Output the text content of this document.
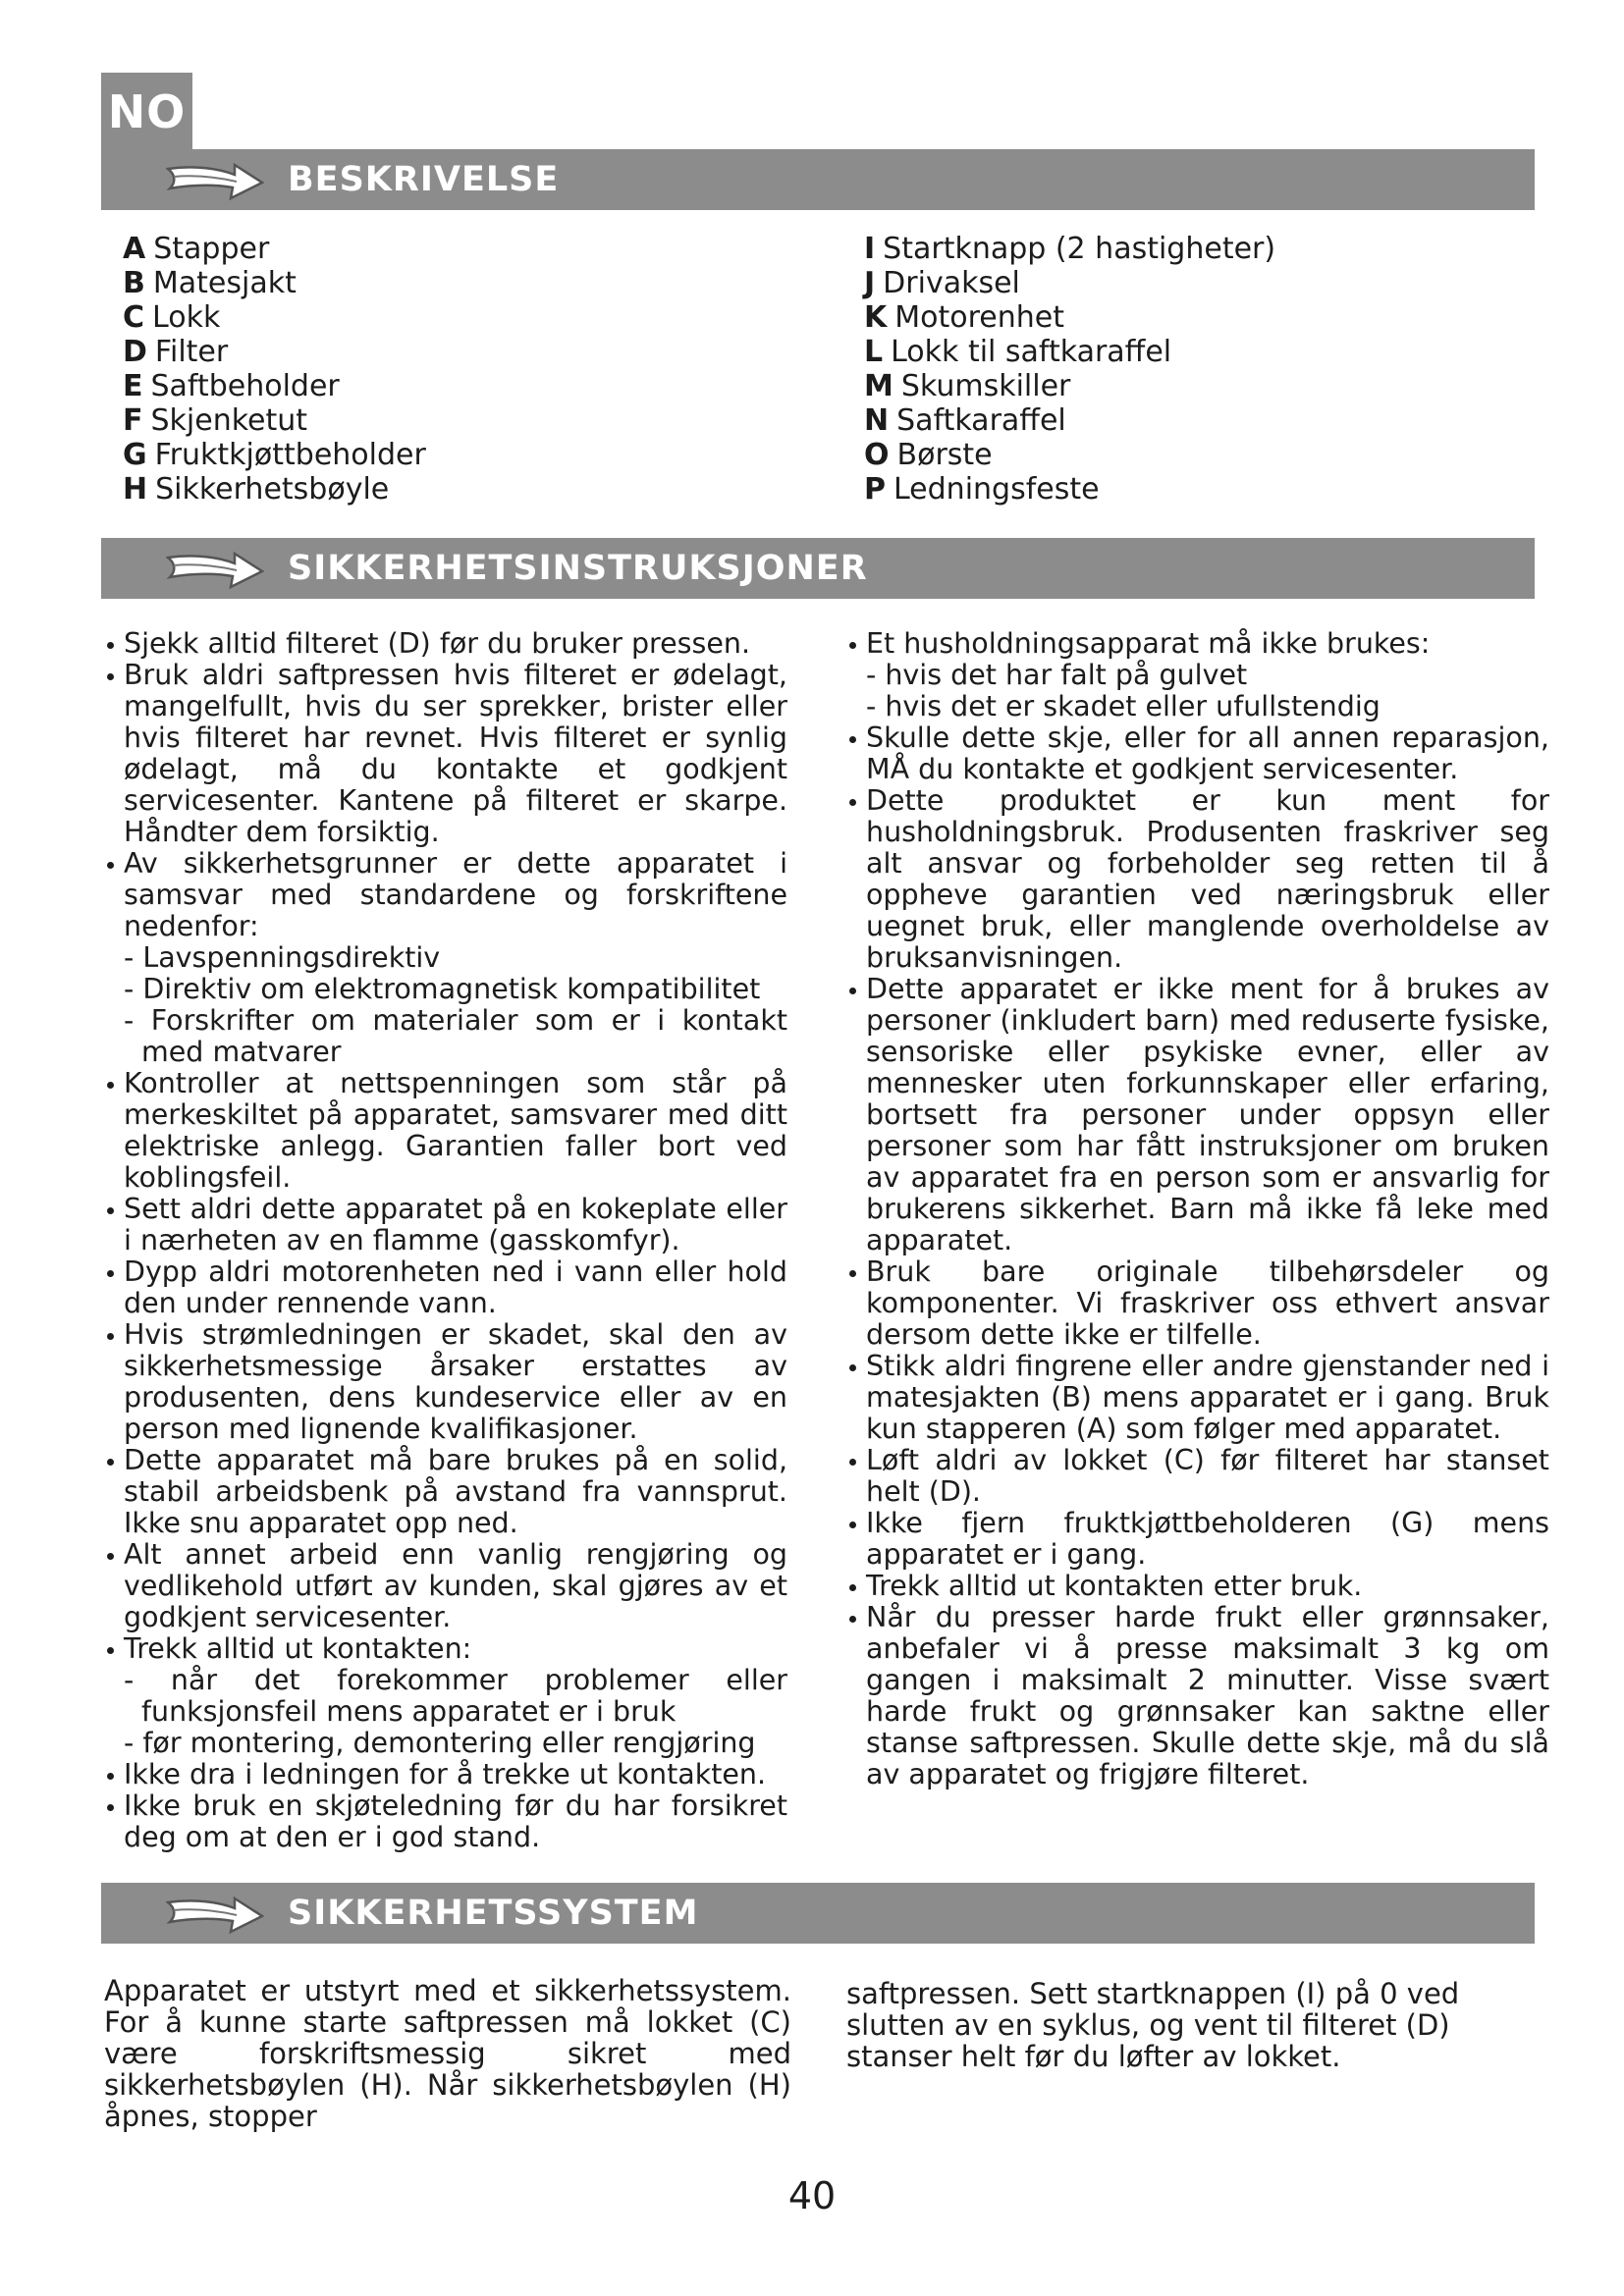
NO
BESKRIVELSE
A Stapper
B Matesjakt
C Lokk
D Filter
E Saftbeholder
F Skjenketut
G Fruktkjøttbeholder
H Sikkerhetsbøyle
I Startknapp (2 hastigheter)
J Drivaksel
K Motorenhet
L Lokk til saftkaraffel
M Skumskiller
N Saftkaraffel
O Børste
P Ledningsfeste
SIKKERHETSINSTRUKSJONER
Sjekk alltid filteret (D) før du bruker pressen.
Bruk aldri saftpressen hvis filteret er ødelagt, mangelfullt, hvis du ser sprekker, brister eller hvis filteret har revnet. Hvis filteret er synlig ødelagt, må du kontakte et godkjent servicesenter. Kantene på filteret er skarpe. Håndter dem forsiktig.
Av sikkerhetsgrunner er dette apparatet i samsvar med standardene og forskriftene nedenfor:
- Lavspenningsdirektiv
- Direktiv om elektromagnetisk kompatibilitet
- Forskrifter om materialer som er i kontakt med matvarer
Kontroller at nettspenningen som står på merkeskiltet på apparatet, samsvarer med ditt elektriske anlegg. Garantien faller bort ved koblingsfeil.
Sett aldri dette apparatet på en kokeplate eller i nærheten av en flamme (gasskomfyr).
Dypp aldri motorenheten ned i vann eller hold den under rennende vann.
Hvis strømledningen er skadet, skal den av sikkerhetsmessige årsaker erstattes av produsenten, dens kundeservice eller av en person med lignende kvalifikasjoner.
Dette apparatet må bare brukes på en solid, stabil arbeidsbenk på avstand fra vannsprut. Ikke snu apparatet opp ned.
Alt annet arbeid enn vanlig rengjøring og vedlikehold utført av kunden, skal gjøres av et godkjent servicesenter.
Trekk alltid ut kontakten:
- når det forekommer problemer eller funksjonsfeil mens apparatet er i bruk
- før montering, demontering eller rengjøring
Ikke dra i ledningen for å trekke ut kontakten.
Ikke bruk en skjøteledning før du har forsikret deg om at den er i god stand.
Et husholdningsapparat må ikke brukes:
- hvis det har falt på gulvet
- hvis det er skadet eller ufullstendig
Skulle dette skje, eller for all annen reparasjon, MÅ du kontakte et godkjent servicesenter.
Dette produktet er kun ment for husholdningsbruk. Produsenten fraskriver seg alt ansvar og forbeholder seg retten til å oppheve garantien ved næringsbruk eller uegnet bruk, eller manglende overholdelse av bruksanvisningen.
Dette apparatet er ikke ment for å brukes av personer (inkludert barn) med reduserte fysiske, sensoriske eller psykiske evner, eller av mennesker uten forkunnskaper eller erfaring, bortsett fra personer under oppsyn eller personer som har fått instruksjoner om bruken av apparatet fra en person som er ansvarlig for brukerens sikkerhet. Barn må ikke få leke med apparatet.
Bruk bare originale tilbehørsdeler og komponenter. Vi fraskriver oss ethvert ansvar dersom dette ikke er tilfelle.
Stikk aldri fingrene eller andre gjenstander ned i matesjakten (B) mens apparatet er i gang. Bruk kun stapperen (A) som følger med apparatet.
Løft aldri av lokket (C) før filteret har stanset helt (D).
Ikke fjern fruktkjøttbeholderen (G) mens apparatet er i gang.
Trekk alltid ut kontakten etter bruk.
Når du presser harde frukt eller grønnsaker, anbefaler vi å presse maksimalt 3 kg om gangen i maksimalt 2 minutter. Visse svært harde frukt og grønnsaker kan saktne eller stanse saftpressen. Skulle dette skje, må du slå av apparatet og frigjøre filteret.
SIKKERHETSSYSTEM

Apparatet er utstyrt med et sikkerhetssystem. For å kunne starte saftpressen må lokket (C) være forskriftsmessig sikret med sikkerhetsbøylen (H). Når sikkerhetsbøylen (H) åpnes, stopper

saftpressen. Sett startknappen (I) på 0 ved slutten av en syklus, og vent til filteret (D) stanser helt før du løfter av lokket.

40
